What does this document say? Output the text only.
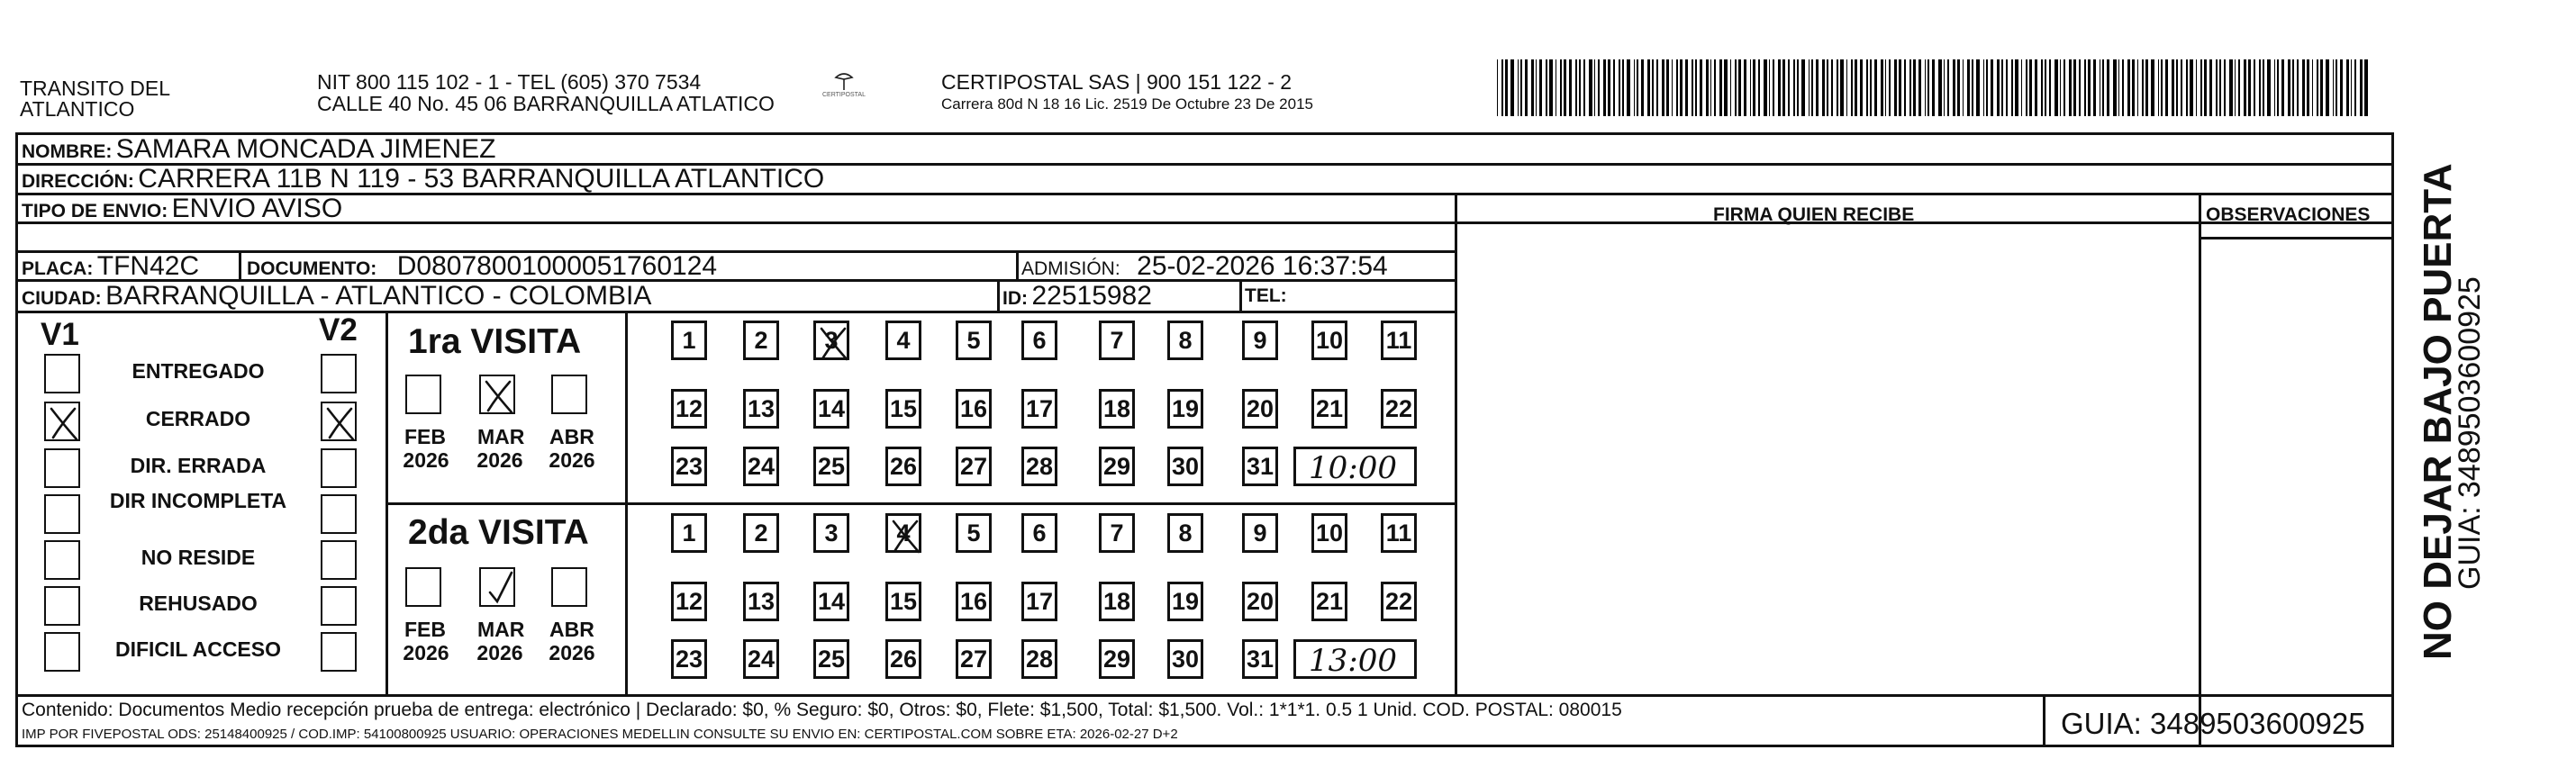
TRANSITO DEL
ATLANTICO
NIT 800 115 102 - 1 - TEL (605) 370 7534
CALLE 40 No. 45 06 BARRANQUILLA ATLATICO	CERTIPOSTAL
CERTIPOSTAL SAS | 900 151 122 - 2
Carrera 80d N 18 16 Lic. 2519 De Octubre 23 De 2015
NOMBRE: SAMARA MONCADA JIMENEZ
DIRECCIÓN: CARRERA 11B N 119 - 53 BARRANQUILLA ATLANTICO
TIPO DE ENVIO: ENVIO AVISO	FIRMA QUIEN RECIBE	OBSERVACIONES
PLACA: TFN42C	DOCUMENTO: D08078001000051760124	ADMISIÓN: 25-02-2026 16:37:54
CIUDAD: BARRANQUILLA - ATLANTICO - COLOMBIA	ID: 22515982	TEL:
V1	V2
ENTREGADO
CERRADO
DIR. ERRADA
DIR INCOMPLETA
NO RESIDE
REHUSADO
DIFICIL ACCESO
1ra VISITA
FEB
2026
MAR
2026
ABR
2026
1	2	3	4	5	6	7	8	9	10 11
12 13 14 15 16 17 18 19 20 21 22
23 24 25 26 27 28 29 30 31 10:00
2da VISITA
FEB
2026
MAR
2026
ABR
2026
1	2	3	4	5	6	7	8	9	10 11
12 13 14 15 16 17 18 19 20 21 22
23 24 25 26 27 28 29 30 31 13:00
Contenido: Documentos Medio recepción prueba de entrega: electrónico | Declarado: $0, % Seguro: $0, Otros: $0, Flete: $1,500, Total: $1,500. Vol.: 1*1*1. 0.5 1 Unid. COD. POSTAL: 080015
IMP POR FIVEPOSTAL ODS: 25148400925 / COD.IMP: 54100800925 USUARIO: OPERACIONES MEDELLIN CONSULTE SU ENVIO EN: CERTIPOSTAL.COM SOBRE ETA: 2026-02-27 D+2	GUIA: 3489503600925
NO DEJAR BAJO PUERTA
GUIA: 3489503600925
